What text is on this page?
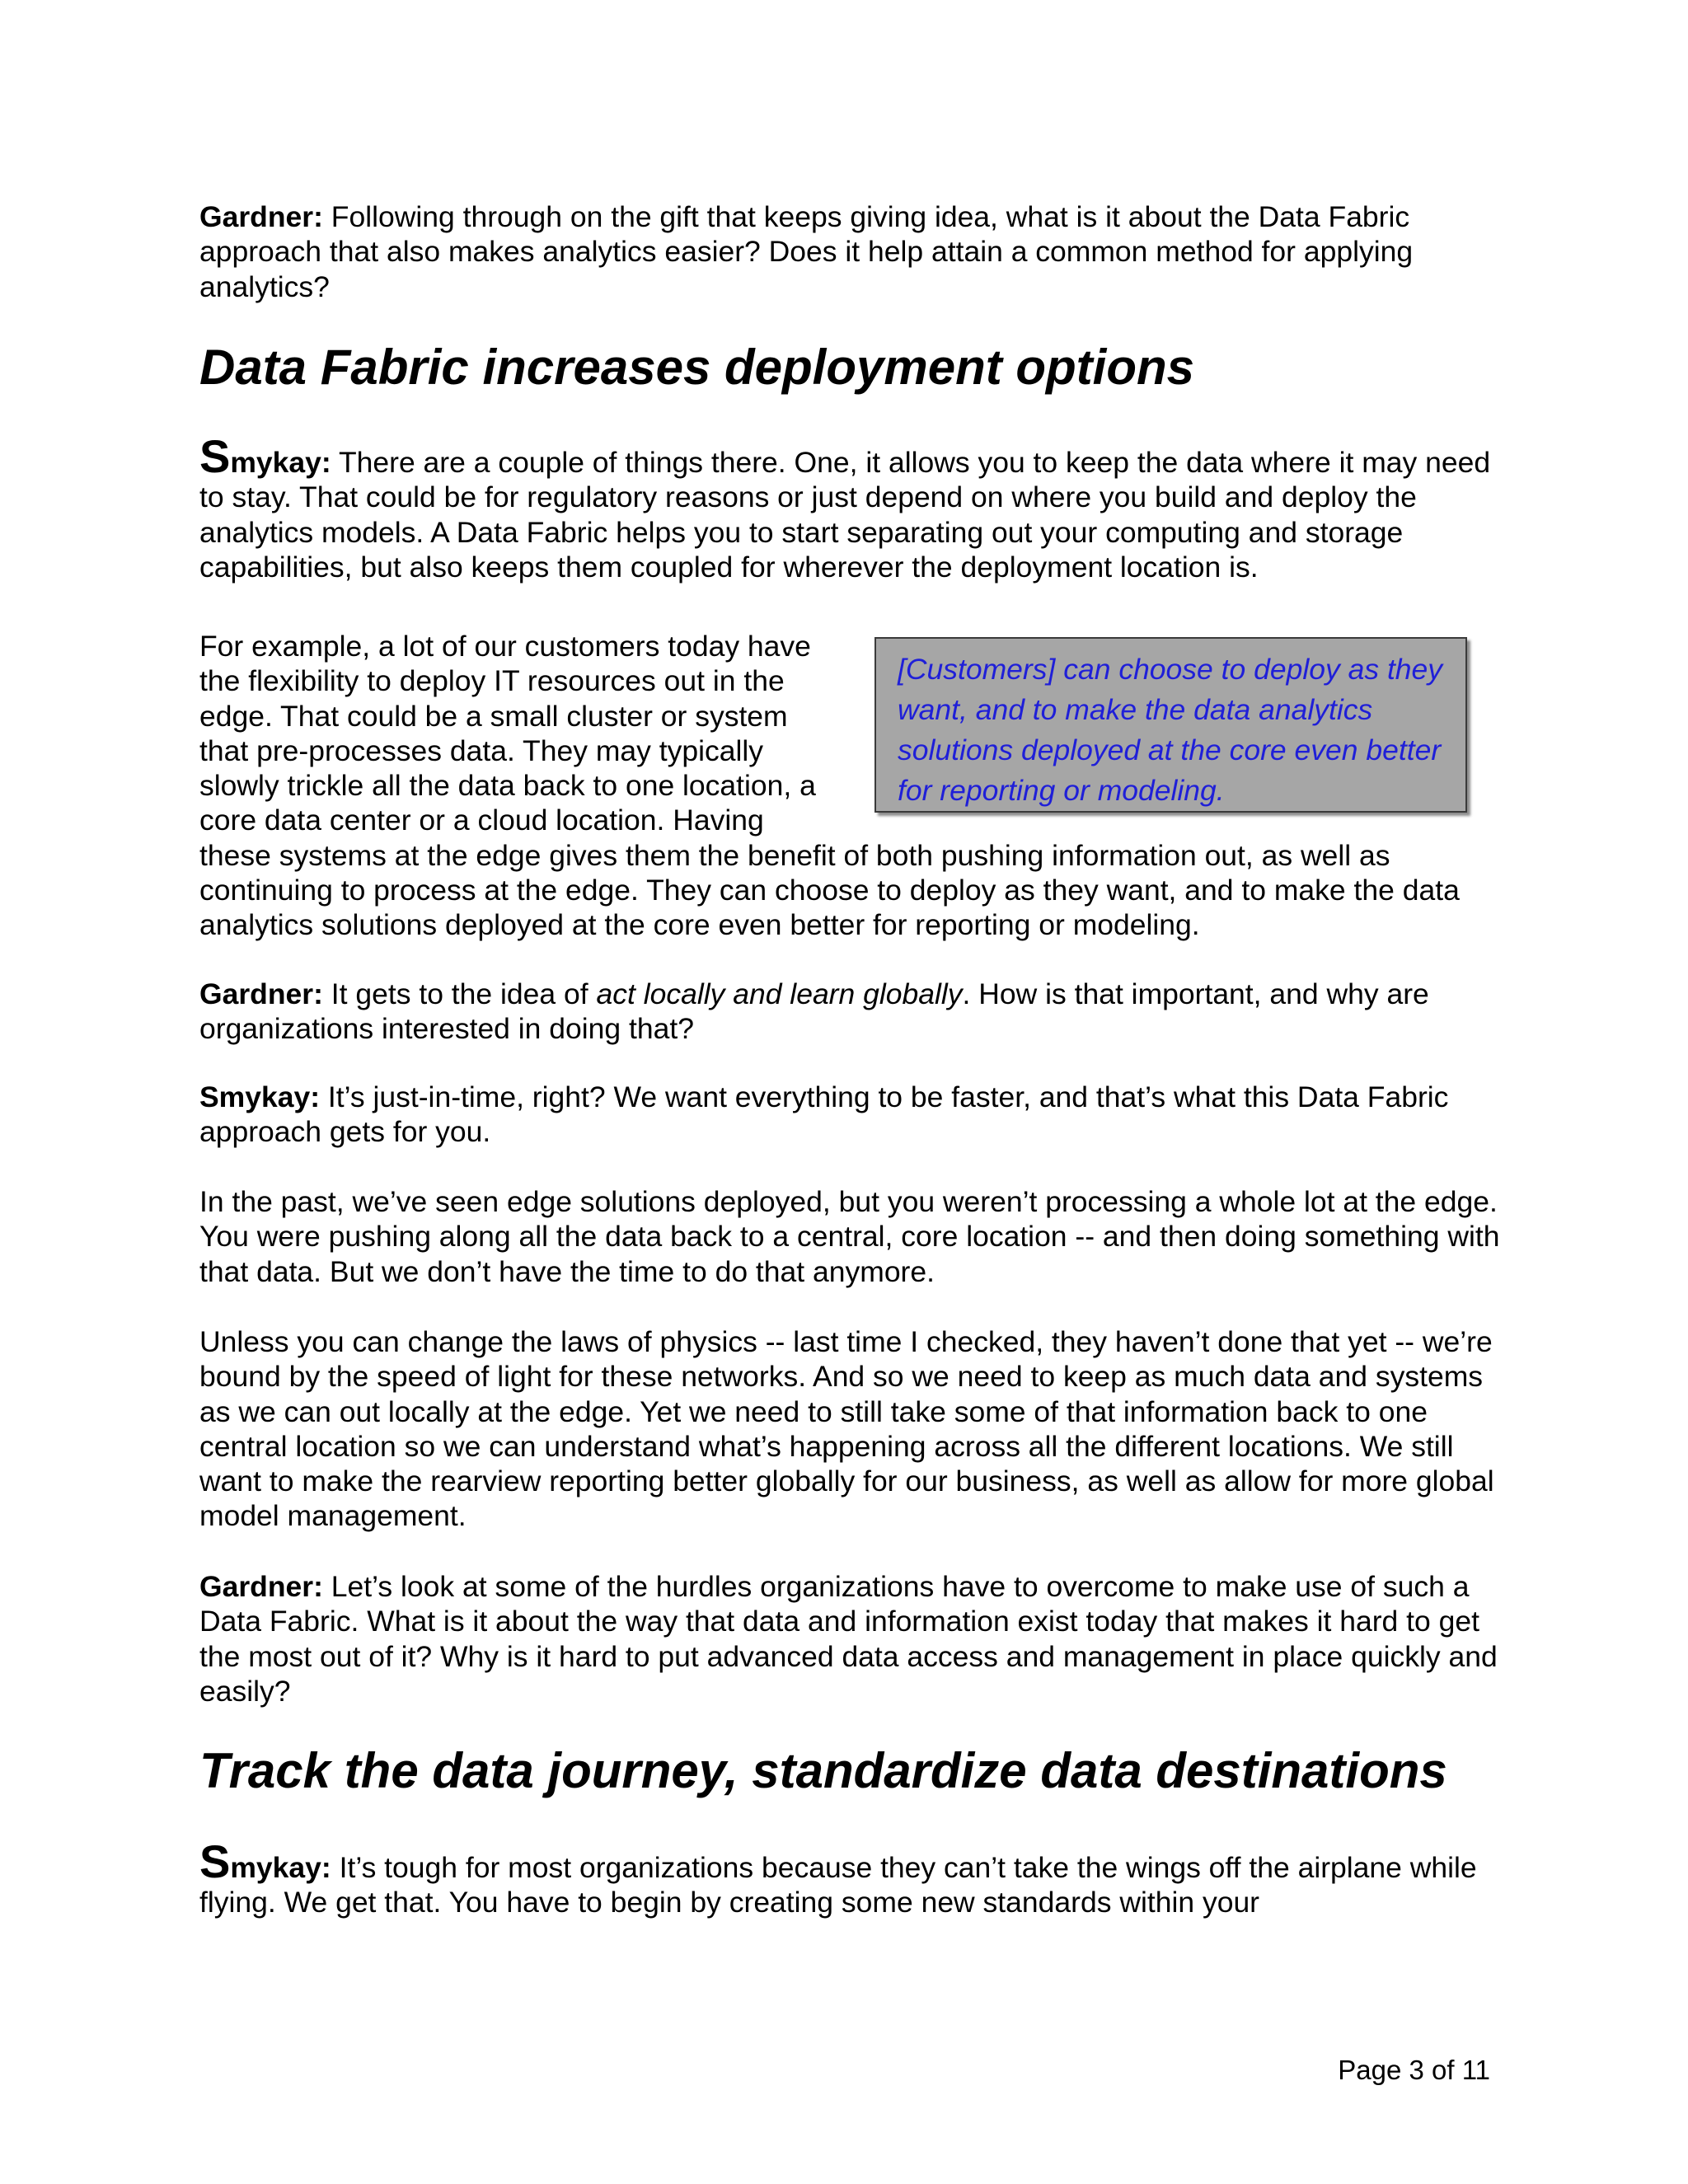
Gardner: Following through on the gift that keeps giving idea, what is it about the Data Fabric approach that also makes analytics easier? Does it help attain a common method for applying analytics?

Data Fabric increases deployment options

Smykay: There are a couple of things there. One, it allows you to keep the data where it may need to stay. That could be for regulatory reasons or just depend on where you build and deploy the analytics models. A Data Fabric helps you to start separating out your computing and storage capabilities, but also keeps them coupled for wherever the deployment location is.

For example, a lot of our customers today have
the flexibility to deploy IT resources out in the
edge. That could be a small cluster or system
that pre-processes data. They may typically
slowly trickle all the data back to one location, a
core data center or a cloud location. Having
these systems at the edge gives them the benefit of both pushing information out, as well as continuing to process at the edge. They can choose to deploy as they want, and to make the data analytics solutions deployed at the core even better for reporting or modeling.
[Customers] can choose to deploy as they want, and to make the data analytics solutions deployed at the core even better for reporting or modeling.

Gardner: It gets to the idea of act locally and learn globally. How is that important, and why are organizations interested in doing that?

Smykay: It’s just-in-time, right? We want everything to be faster, and that’s what this Data Fabric approach gets for you.

In the past, we’ve seen edge solutions deployed, but you weren’t processing a whole lot at the edge. You were pushing along all the data back to a central, core location -- and then doing something with that data. But we don’t have the time to do that anymore.

Unless you can change the laws of physics -- last time I checked, they haven’t done that yet -- we’re bound by the speed of light for these networks. And so we need to keep as much data and systems as we can out locally at the edge. Yet we need to still take some of that information back to one central location so we can understand what’s happening across all the different locations. We still want to make the rearview reporting better globally for our business, as well as allow for more global model management.

Gardner: Let’s look at some of the hurdles organizations have to overcome to make use of such a Data Fabric. What is it about the way that data and information exist today that makes it hard to get the most out of it? Why is it hard to put advanced data access and management in place quickly and easily?

Track the data journey, standardize data destinations

Smykay: It’s tough for most organizations because they can’t take the wings off the airplane while flying. We get that. You have to begin by creating some new standards within your

Page 3 of 11
